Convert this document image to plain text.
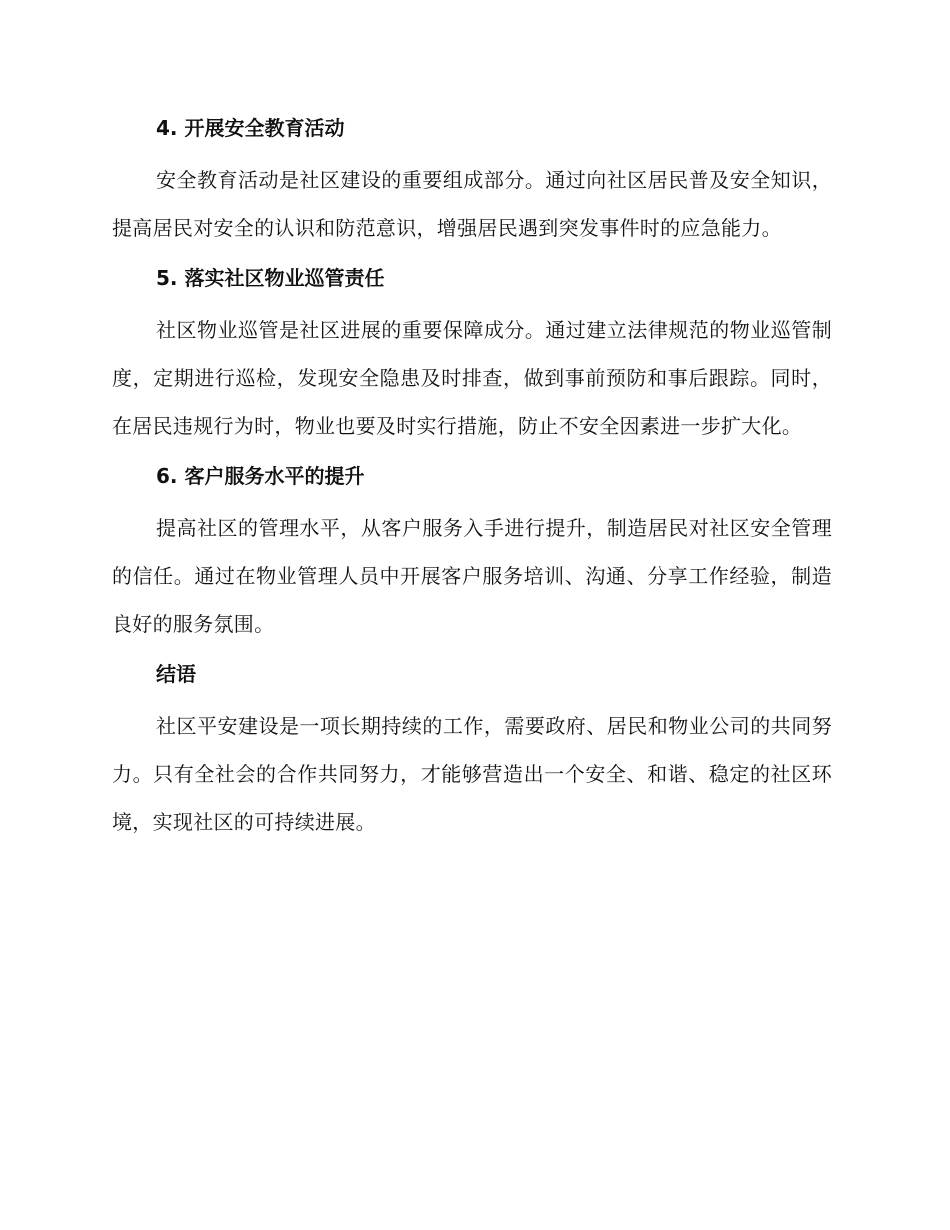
4. 开展安全教育活动

安全教育活动是社区建设的重要组成部分。通过向社区居民普及安全知识，提高居民对安全的认识和防范意识，增强居民遇到突发事件时的应急能力。

5. 落实社区物业巡管责任

社区物业巡管是社区进展的重要保障成分。通过建立法律规范的物业巡管制度，定期进行巡检，发现安全隐患及时排查，做到事前预防和事后跟踪。同时，在居民违规行为时，物业也要及时实行措施，防止不安全因素进一步扩大化。

6. 客户服务水平的提升

提高社区的管理水平，从客户服务入手进行提升，制造居民对社区安全管理的信任。通过在物业管理人员中开展客户服务培训、沟通、分享工作经验，制造良好的服务氛围。

结语

社区平安建设是一项长期持续的工作，需要政府、居民和物业公司的共同努力。只有全社会的合作共同努力，才能够营造出一个安全、和谐、稳定的社区环境，实现社区的可持续进展。
